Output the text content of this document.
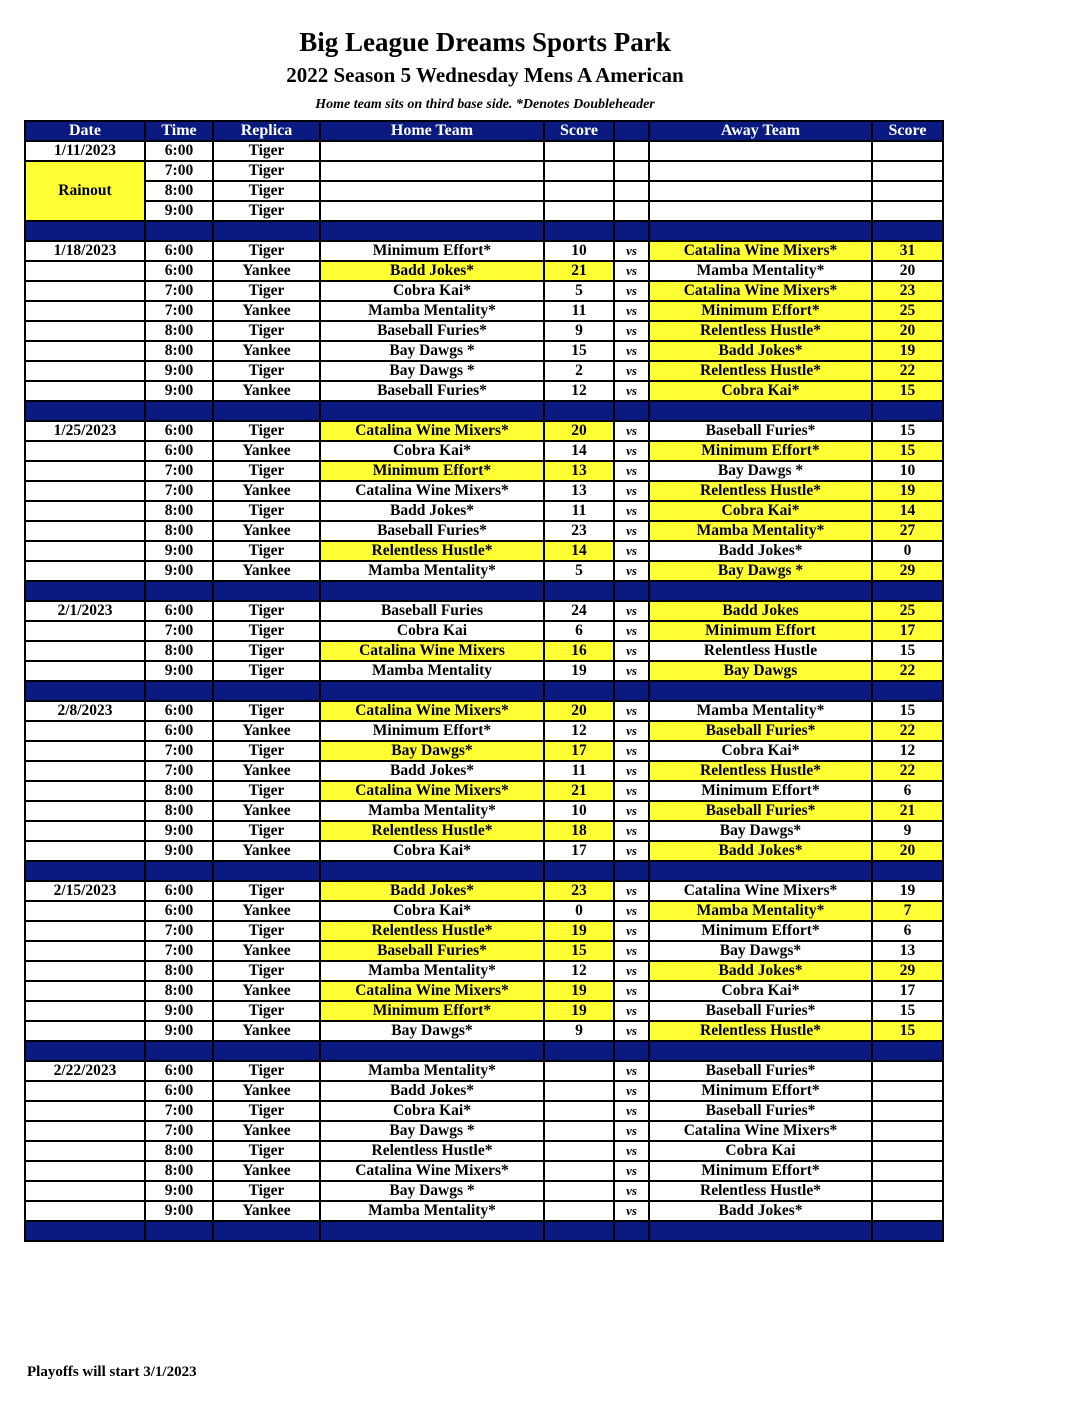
Big League Dreams Sports Park
2022 Season 5 Wednesday Mens A American
Home team sits on third base side. *Denotes Doubleheader
Date	Time	Replica	Home Team	Score		Away Team	Score
1/11/2023	6:00	Tiger					
Rainout	7:00	Tiger					
	8:00	Tiger					
	9:00	Tiger					

1/18/2023	6:00	Tiger	Minimum Effort*	10	vs	Catalina Wine Mixers*	31
	6:00	Yankee	Badd Jokes*	21	vs	Mamba Mentality*	20
	7:00	Tiger	Cobra Kai*	5	vs	Catalina Wine Mixers*	23
	7:00	Yankee	Mamba Mentality*	11	vs	Minimum Effort*	25
	8:00	Tiger	Baseball Furies*	9	vs	Relentless Hustle*	20
	8:00	Yankee	Bay Dawgs *	15	vs	Badd Jokes*	19
	9:00	Tiger	Bay Dawgs *	2	vs	Relentless Hustle*	22
	9:00	Yankee	Baseball Furies*	12	vs	Cobra Kai*	15

1/25/2023	6:00	Tiger	Catalina Wine Mixers*	20	vs	Baseball Furies*	15
	6:00	Yankee	Cobra Kai*	14	vs	Minimum Effort*	15
	7:00	Tiger	Minimum Effort*	13	vs	Bay Dawgs *	10
	7:00	Yankee	Catalina Wine Mixers*	13	vs	Relentless Hustle*	19
	8:00	Tiger	Badd Jokes*	11	vs	Cobra Kai*	14
	8:00	Yankee	Baseball Furies*	23	vs	Mamba Mentality*	27
	9:00	Tiger	Relentless Hustle*	14	vs	Badd Jokes*	0
	9:00	Yankee	Mamba Mentality*	5	vs	Bay Dawgs *	29

2/1/2023	6:00	Tiger	Baseball Furies	24	vs	Badd Jokes	25
	7:00	Tiger	Cobra Kai	6	vs	Minimum Effort	17
	8:00	Tiger	Catalina Wine Mixers	16	vs	Relentless Hustle	15
	9:00	Tiger	Mamba Mentality	19	vs	Bay Dawgs	22

2/8/2023	6:00	Tiger	Catalina Wine Mixers*	20	vs	Mamba Mentality*	15
	6:00	Yankee	Minimum Effort*	12	vs	Baseball Furies*	22
	7:00	Tiger	Bay Dawgs*	17	vs	Cobra Kai*	12
	7:00	Yankee	Badd Jokes*	11	vs	Relentless Hustle*	22
	8:00	Tiger	Catalina Wine Mixers*	21	vs	Minimum Effort*	6
	8:00	Yankee	Mamba Mentality*	10	vs	Baseball Furies*	21
	9:00	Tiger	Relentless Hustle*	18	vs	Bay Dawgs*	9
	9:00	Yankee	Cobra Kai*	17	vs	Badd Jokes*	20

2/15/2023	6:00	Tiger	Badd Jokes*	23	vs	Catalina Wine Mixers*	19
	6:00	Yankee	Cobra Kai*	0	vs	Mamba Mentality*	7
	7:00	Tiger	Relentless Hustle*	19	vs	Minimum Effort*	6
	7:00	Yankee	Baseball Furies*	15	vs	Bay Dawgs*	13
	8:00	Tiger	Mamba Mentality*	12	vs	Badd Jokes*	29
	8:00	Yankee	Catalina Wine Mixers*	19	vs	Cobra Kai*	17
	9:00	Tiger	Minimum Effort*	19	vs	Baseball Furies*	15
	9:00	Yankee	Bay Dawgs*	9	vs	Relentless Hustle*	15

2/22/2023	6:00	Tiger	Mamba Mentality*		vs	Baseball Furies*	
	6:00	Yankee	Badd Jokes*		vs	Minimum Effort*	
	7:00	Tiger	Cobra Kai*		vs	Baseball Furies*	
	7:00	Yankee	Bay Dawgs *		vs	Catalina Wine Mixers*	
	8:00	Tiger	Relentless Hustle*		vs	Cobra Kai	
	8:00	Yankee	Catalina Wine Mixers*		vs	Minimum Effort*	
	9:00	Tiger	Bay Dawgs *		vs	Relentless Hustle*	
	9:00	Yankee	Mamba Mentality*		vs	Badd Jokes*	

Playoffs will start 3/1/2023
